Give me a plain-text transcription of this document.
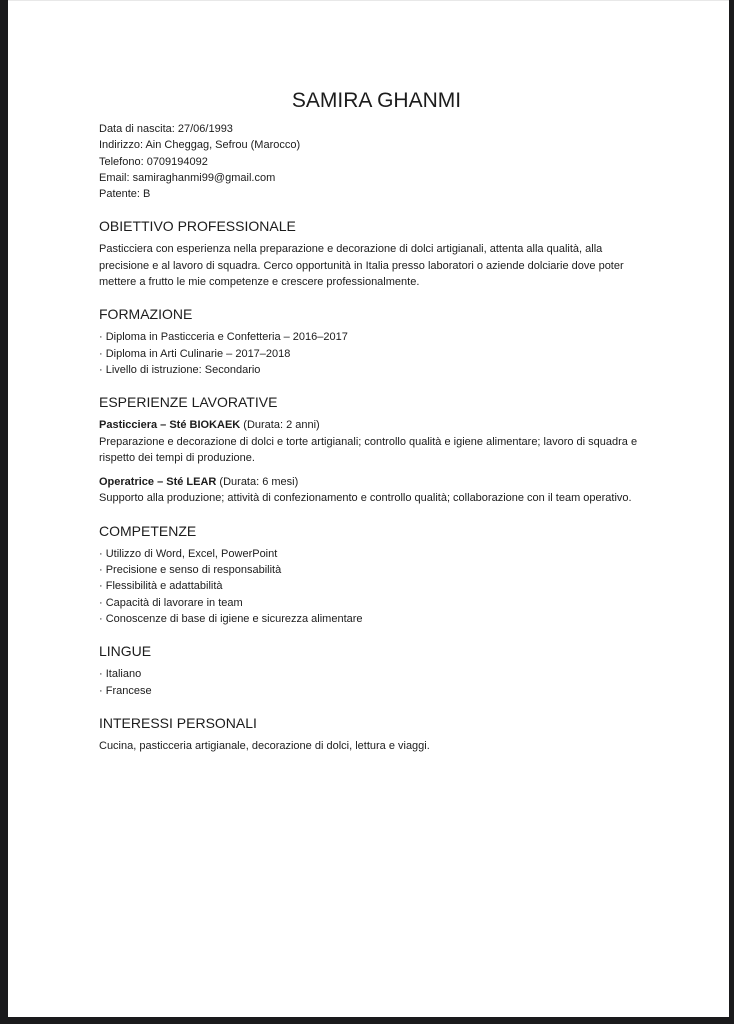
SAMIRA GHANMI
Data di nascita: 27/06/1993
Indirizzo: Ain Cheggag, Sefrou (Marocco)
Telefono: 0709194092
Email: samiraghanmi99@gmail.com
Patente: B
OBIETTIVO PROFESSIONALE

Pasticciera con esperienza nella preparazione e decorazione di dolci artigianali, attenta alla qualità, alla precisione e al lavoro di squadra. Cerco opportunità in Italia presso laboratori o aziende dolciarie dove poter mettere a frutto le mie competenze e crescere professionalmente.

FORMAZIONE
· Diploma in Pasticceria e Confetteria – 2016–2017
· Diploma in Arti Culinarie – 2017–2018
· Livello di istruzione: Secondario
ESPERIENZE LAVORATIVE

Pasticciera – Sté BIOKAEK (Durata: 2 anni)

Preparazione e decorazione di dolci e torte artigianali; controllo qualità e igiene alimentare; lavoro di squadra e rispetto dei tempi di produzione.

Operatrice – Sté LEAR (Durata: 6 mesi)

Supporto alla produzione; attività di confezionamento e controllo qualità; collaborazione con il team operativo.

COMPETENZE
· Utilizzo di Word, Excel, PowerPoint
· Precisione e senso di responsabilità
· Flessibilità e adattabilità
· Capacità di lavorare in team
· Conoscenze di base di igiene e sicurezza alimentare
LINGUE
· Italiano
· Francese
INTERESSI PERSONALI

Cucina, pasticceria artigianale, decorazione di dolci, lettura e viaggi.
